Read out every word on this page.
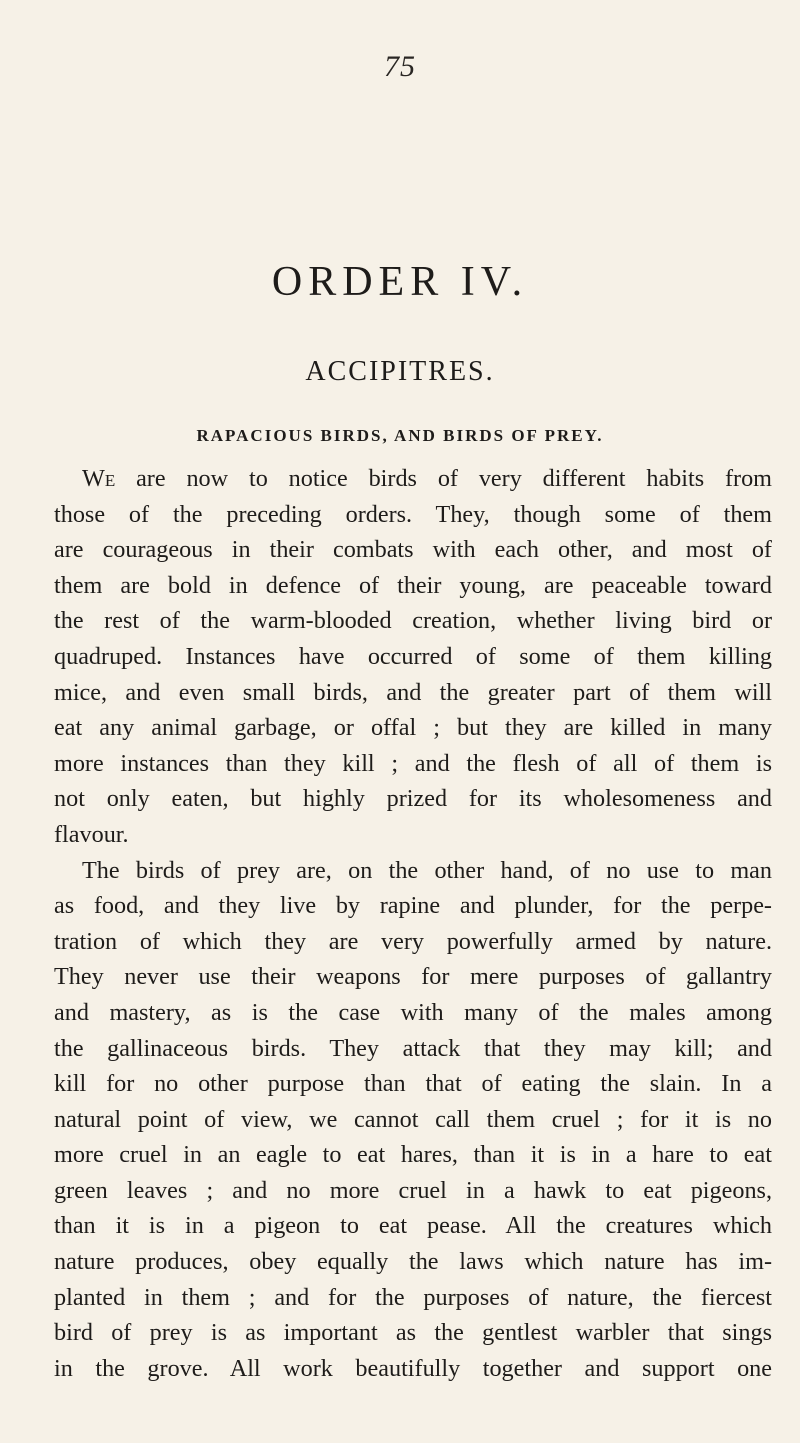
75
ORDER IV.
ACCIPITRES.
RAPACIOUS BIRDS, AND BIRDS OF PREY.
We are now to notice birds of very different habits from
those of the preceding orders. They, though some of them
are courageous in their combats with each other, and most of
them are bold in defence of their young, are peaceable toward
the rest of the warm-blooded creation, whether living bird or
quadruped. Instances have occurred of some of them killing
mice, and even small birds, and the greater part of them will
eat any animal garbage, or offal ; but they are killed in many
more instances than they kill ; and the flesh of all of them is
not only eaten, but highly prized for its wholesomeness and
flavour.
The birds of prey are, on the other hand, of no use to man
as food, and they live by rapine and plunder, for the perpe-
tration of which they are very powerfully armed by nature.
They never use their weapons for mere purposes of gallantry
and mastery, as is the case with many of the males among
the gallinaceous birds. They attack that they may kill; and
kill for no other purpose than that of eating the slain. In a
natural point of view, we cannot call them cruel ; for it is no
more cruel in an eagle to eat hares, than it is in a hare to eat
green leaves ; and no more cruel in a hawk to eat pigeons,
than it is in a pigeon to eat pease. All the creatures which
nature produces, obey equally the laws which nature has im-
planted in them ; and for the purposes of nature, the fiercest
bird of prey is as important as the gentlest warbler that sings
in the grove. All work beautifully together and support one
